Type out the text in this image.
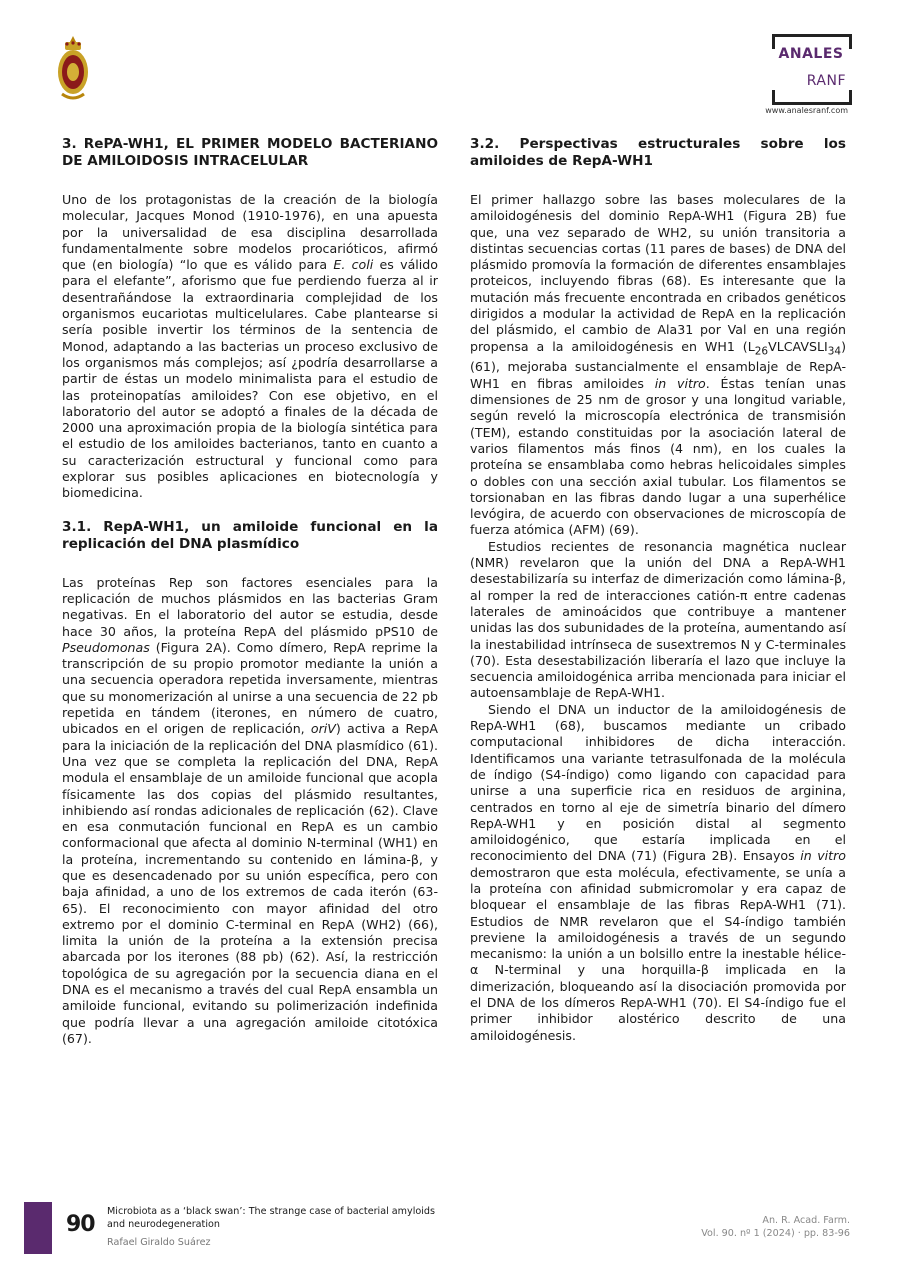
ANALES
RANF
www.analesranf.com
3. RePA-WH1, EL PRIMER MODELO BACTERIANO DE AMILOIDOSIS INTRACELULAR

Uno de los protagonistas de la creación de la biología molecular, Jacques Monod (1910-1976), en una apuesta por la universalidad de esa disciplina desarrollada fundamentalmente sobre modelos procarióticos, afirmó que (en biología) “lo que es válido para E. coli es válido para el elefante”, aforismo que fue perdiendo fuerza al ir desentrañándose la extraordinaria complejidad de los organismos eucariotas multicelulares. Cabe plantearse si sería posible invertir los términos de la sentencia de Monod, adaptando a las bacterias un proceso exclusivo de los organismos más complejos; así ¿podría desarrollarse a partir de éstas un modelo minimalista para el estudio de las proteinopatías amiloides? Con ese objetivo, en el laboratorio del autor se adoptó a finales de la década de 2000 una aproximación propia de la biología sintética para el estudio de los amiloides bacterianos, tanto en cuanto a su caracterización estructural y funcional como para explorar sus posibles aplicaciones en biotecnología y biomedicina.

3.1. RepA-WH1, un amiloide funcional en la replicación del DNA plasmídico

Las proteínas Rep son factores esenciales para la replicación de muchos plásmidos en las bacterias Gram negativas. En el laboratorio del autor se estudia, desde hace 30 años, la proteína RepA del plásmido pPS10 de Pseudomonas (Figura 2A). Como dímero, RepA reprime la transcripción de su propio promotor mediante la unión a una secuencia operadora repetida inversamente, mientras que su monomerización al unirse a una secuencia de 22 pb repetida en tándem (iterones, en número de cuatro, ubicados en el origen de replicación, oriV) activa a RepA para la iniciación de la replicación del DNA plasmídico (61). Una vez que se completa la replicación del DNA, RepA modula el ensamblaje de un amiloide funcional que acopla físicamente las dos copias del plásmido resultantes, inhibiendo así rondas adicionales de replicación (62). Clave en esa conmutación funcional en RepA es un cambio conformacional que afecta al dominio N-terminal (WH1) en la proteína, incrementando su contenido en lámina-β, y que es desencadenado por su unión específica, pero con baja afinidad, a uno de los extremos de cada iterón (63-65). El reconocimiento con mayor afinidad del otro extremo por el dominio C-terminal en RepA (WH2) (66), limita la unión de la proteína a la extensión precisa abarcada por los iterones (88 pb) (62). Así, la restricción topológica de su agregación por la secuencia diana en el DNA es el mecanismo a través del cual RepA ensambla un amiloide funcional, evitando su polimerización indefinida que podría llevar a una agregación amiloide citotóxica (67).

3.2. Perspectivas estructurales sobre los amiloides de RepA-WH1

El primer hallazgo sobre las bases moleculares de la amiloidogénesis del dominio RepA-WH1 (Figura 2B) fue que, una vez separado de WH2, su unión transitoria a distintas secuencias cortas (11 pares de bases) de DNA del plásmido promovía la formación de diferentes ensamblajes proteicos, incluyendo fibras (68). Es interesante que la mutación más frecuente encontrada en cribados genéticos dirigidos a modular la actividad de RepA en la replicación del plásmido, el cambio de Ala31 por Val en una región propensa a la amiloidogénesis en WH1 $(L_{26}VLCAVSLI_{34})$ (61), mejoraba sustancialmente el ensamblaje de RepA-WH1 en fibras amiloides in vitro. Éstas tenían unas dimensiones de 25 nm de grosor y una longitud variable, según reveló la microscopía electrónica de transmisión (TEM), estando constituidas por la asociación lateral de varios filamentos más finos (4 nm), en los cuales la proteína se ensamblaba como hebras helicoidales simples o dobles con una sección axial tubular. Los filamentos se torsionaban en las fibras dando lugar a una superhélice levógira, de acuerdo con observaciones de microscopía de fuerza atómica (AFM) (69).

Estudios recientes de resonancia magnética nuclear (NMR) revelaron que la unión del DNA a RepA-WH1 desestabilizaría su interfaz de dimerización como lámina-β, al romper la red de interacciones catión-π entre cadenas laterales de aminoácidos que contribuye a mantener unidas las dos subunidades de la proteína, aumentando así la inestabilidad intrínseca de susextremos N y C-terminales (70). Esta desestabilización liberaría el lazo que incluye la secuencia amiloidogénica arriba mencionada para iniciar el autoensamblaje de RepA-WH1.

Siendo el DNA un inductor de la amiloidogénesis de RepA-WH1 (68), buscamos mediante un cribado computacional inhibidores de dicha interacción. Identificamos una variante tetrasulfonada de la molécula de índigo (S4-índigo) como ligando con capacidad para unirse a una superficie rica en residuos de arginina, centrados en torno al eje de simetría binario del dímero RepA-WH1 y en posición distal al segmento amiloidogénico, que estaría implicada en el reconocimiento del DNA (71) (Figura 2B). Ensayos in vitro demostraron que esta molécula, efectivamente, se unía a la proteína con afinidad submicromolar y era capaz de bloquear el ensamblaje de las fibras RepA-WH1 (71). Estudios de NMR revelaron que el S4-índigo también previene la amiloidogénesis a través de un segundo mecanismo: la unión a un bolsillo entre la inestable hélice-α N-terminal y una horquilla-β implicada en la dimerización, bloqueando así la disociación promovida por el DNA de los dímeros RepA-WH1 (70). El S4-índigo fue el primer inhibidor alostérico descrito de una amiloidogénesis.

90
Microbiota as a ‘black swan’: The strange case of bacterial amyloids and neurodegeneration
Rafael Giraldo Suárez
An. R. Acad. Farm.
Vol. 90. nº 1 (2024) · pp. 83-96
